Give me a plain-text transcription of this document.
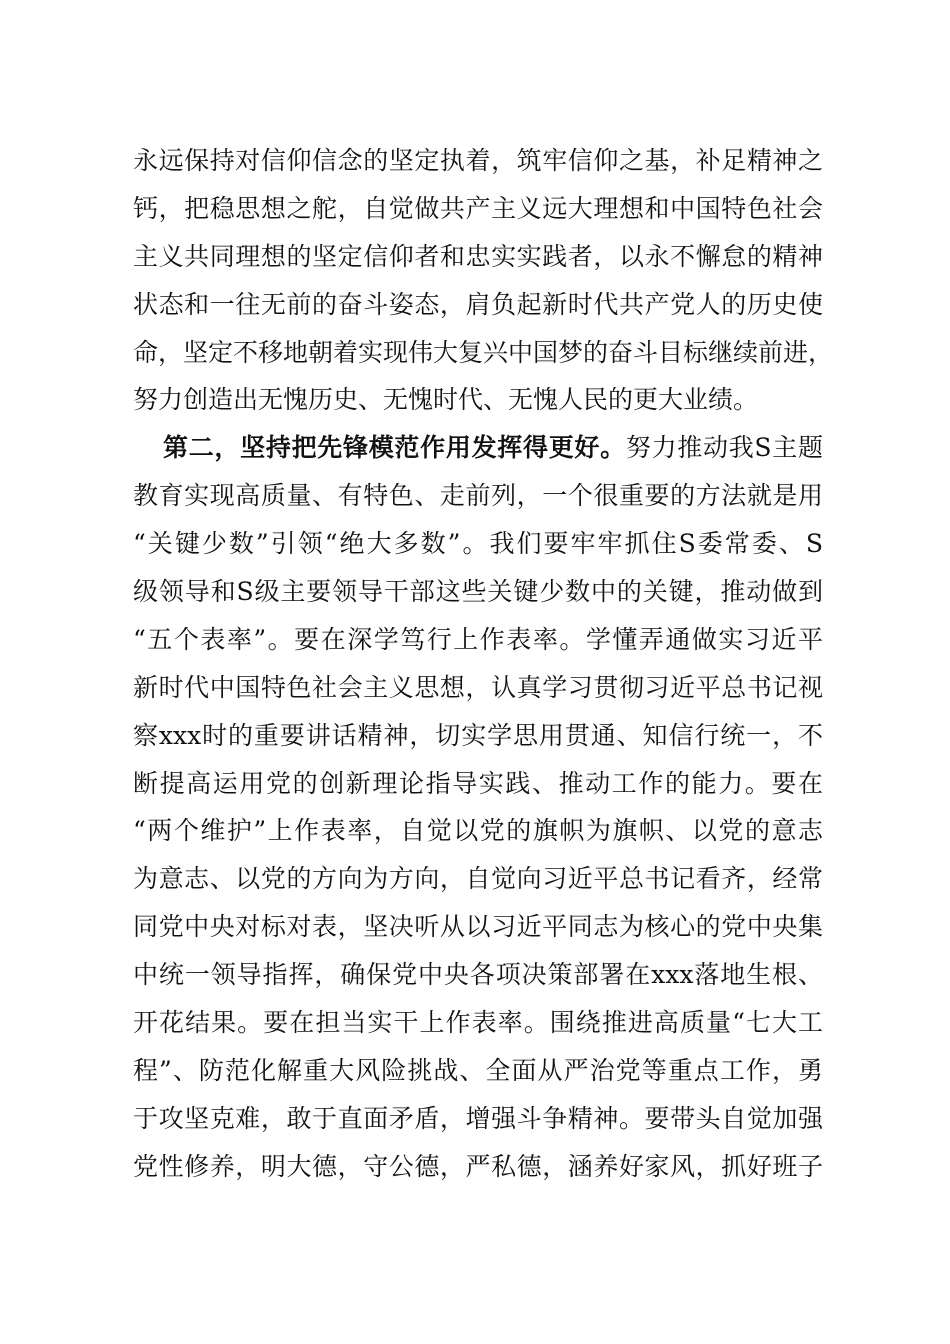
永远保持对信仰信念的坚定执着，筑牢信仰之基，补足精神之
钙，把稳思想之舵，自觉做共产主义远大理想和中国特色社会
主义共同理想的坚定信仰者和忠实实践者，以永不懈怠的精神
状态和一往无前的奋斗姿态，肩负起新时代共产党人的历史使
命，坚定不移地朝着实现伟大复兴中国梦的奋斗目标继续前进，
努力创造出无愧历史、无愧时代、无愧人民的更大业绩。
第二，坚持把先锋模范作用发挥得更好。努力推动我S主题
教育实现高质量、有特色、走前列，一个很重要的方法就是用
“关键少数”引领“绝大多数”。我们要牢牢抓住S委常委、S
级领导和S级主要领导干部这些关键少数中的关键，推动做到
“五个表率”。要在深学笃行上作表率。学懂弄通做实习近平
新时代中国特色社会主义思想，认真学习贯彻习近平总书记视
察xxx时的重要讲话精神，切实学思用贯通、知信行统一，不
断提高运用党的创新理论指导实践、推动工作的能力。要在
“两个维护”上作表率，自觉以党的旗帜为旗帜、以党的意志
为意志、以党的方向为方向，自觉向习近平总书记看齐，经常
同党中央对标对表，坚决听从以习近平同志为核心的党中央集
中统一领导指挥，确保党中央各项决策部署在xxx落地生根、
开花结果。要在担当实干上作表率。围绕推进高质量“七大工
程”、防范化解重大风险挑战、全面从严治党等重点工作，勇
于攻坚克难，敢于直面矛盾，增强斗争精神。要带头自觉加强
党性修养，明大德，守公德，严私德，涵养好家风，抓好班子
